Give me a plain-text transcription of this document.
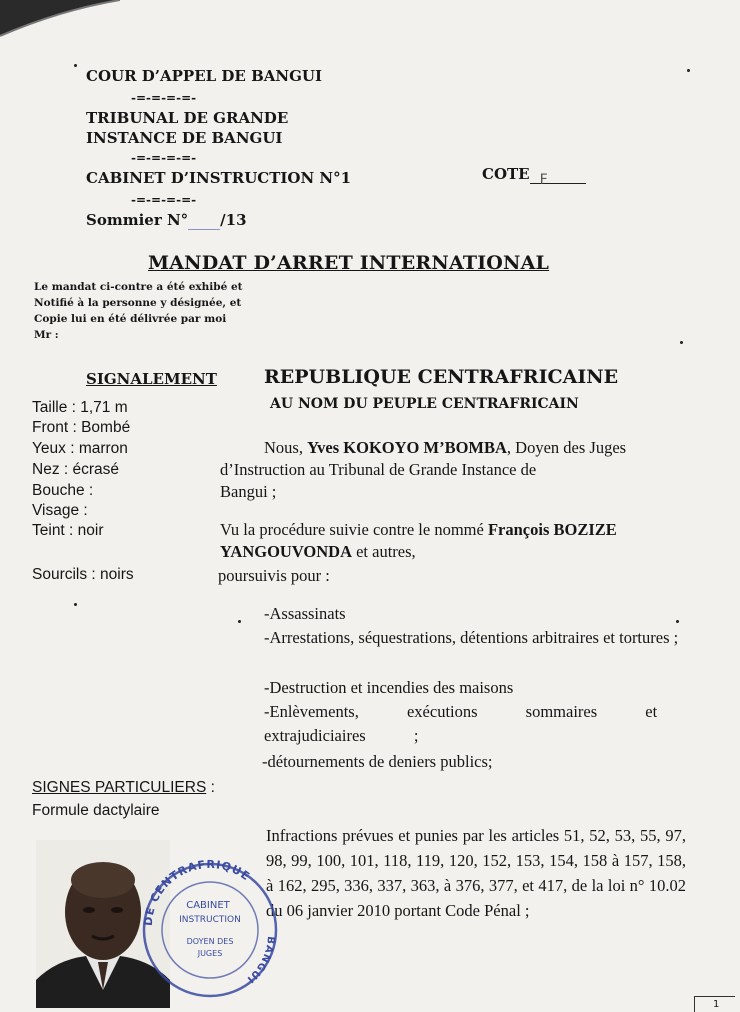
COUR D’APPEL DE BANGUI
-=-=-=-=-
TRIBUNAL DE GRANDE
INSTANCE DE BANGUI
-=-=-=-=-
CABINET D’INSTRUCTION N°1
-=-=-=-=-
Sommier N° /13
COTE F
MANDAT D’ARRET INTERNATIONAL
Le mandat ci-contre a été exhibé et
Notifié à la personne y désignée, et
Copie lui en été délivrée par moi
Mr :
SIGNALEMENT
Taille : 1,71 m
Front : Bombé
Yeux : marron
Nez : écrasé
Bouche :
Visage :
Teint : noir
Sourcils : noirs
REPUBLIQUE CENTRAFRICAINE
AU NOM DU PEUPLE CENTRAFRICAIN
Nous, Yves KOKOYO M’BOMBA, Doyen des Juges
d’Instruction au Tribunal de Grande Instance de
Bangui ;
Vu la procédure suivie contre le nommé François BOZIZE
YANGOUVONDA et autres,
poursuivis pour :
-Assassinats
-Arrestations, séquestrations, détentions arbitraires et tortures ;
-Destruction et incendies des maisons
-Enlèvements, exécutions sommaires et extrajudiciaires ;
-détournements de deniers publics;
SIGNES PARTICULIERS :
Formule dactylaire
Infractions prévues et punies par les articles 51, 52, 53, 55, 97, 98, 99, 100, 101, 118, 119, 120, 152, 153, 154, 158 à 157, 158, à 162, 295, 336, 337, 363, à 376, 377, et 417, de la loi n° 10.02 du 06 janvier 2010 portant Code Pénal ;
DE CENTRAFRIQUE
BANGUI
CABINET
INSTRUCTION
DOYEN DES
JUGES
1
